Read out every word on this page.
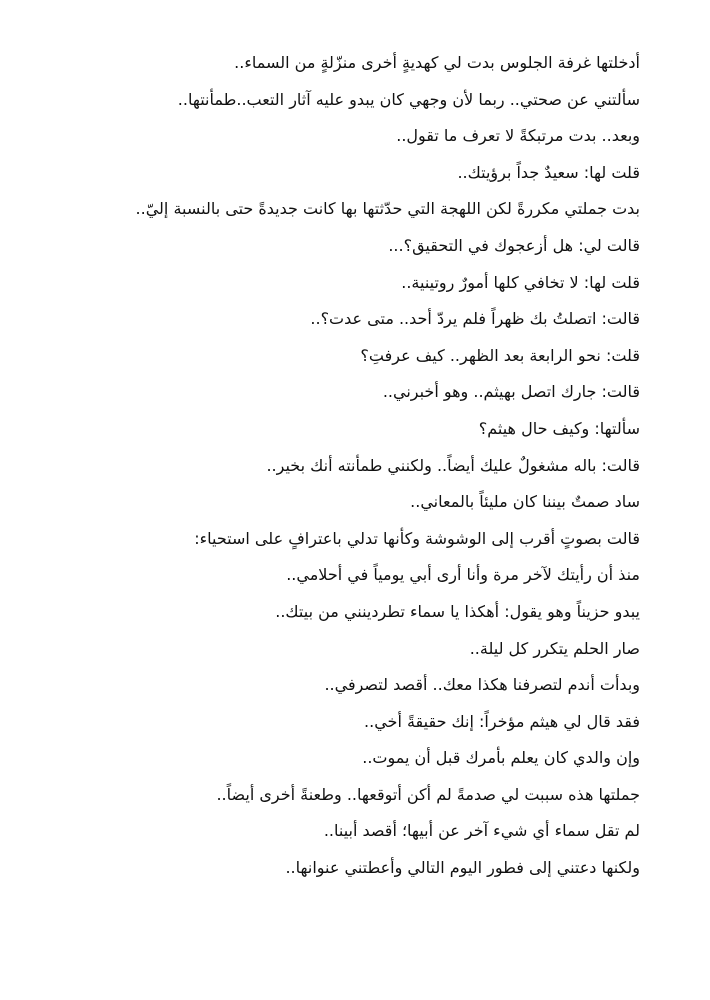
أدخلتها غرفة الجلوس بدت لي كهديةٍ أخرى منزّلةٍ من السماء..
سألتني عن صحتي.. ربما لأن وجهي كان يبدو عليه آثار التعب..طمأنتها..
وبعد.. بدت مرتبكةً لا تعرف ما تقول..
قلت لها: سعيدٌ جداً برؤيتك..
بدت جملتي مكررةً لكن اللهجة التي حدّثتها بها كانت جديدةً حتى بالنسبة إليّ..
قالت لي: هل أزعجوك في التحقيق؟...
قلت لها: لا تخافي كلها أمورٌ روتينية..
قالت: اتصلتُ بك ظهراً فلم يردّ أحد.. متى عدت؟..
قلت: نحو الرابعة بعد الظهر.. كيف عرفتِ؟
قالت: جارك اتصل بهيثم.. وهو أخبرني..
سألتها: وكيف حال هيثم؟
قالت: باله مشغولٌ عليك أيضاً.. ولكنني طمأنته أنك بخير..
ساد صمتٌ بيننا كان مليئاً بالمعاني..
قالت بصوتٍ أقرب إلى الوشوشة وكأنها تدلي باعترافٍ على استحياء:
منذ أن رأيتك لآخر مرة وأنا أرى أبي يومياً في أحلامي..
يبدو حزيناً وهو يقول: أهكذا يا سماء تطردينني من بيتك..
صار الحلم يتكرر كل ليلة..
وبدأت أندم لتصرفنا هكذا معك.. أقصد لتصرفي..
فقد قال لي هيثم مؤخراً: إنك حقيقةً أخي..
وإن والدي كان يعلم بأمرك قبل أن يموت..
جملتها هذه سببت لي صدمةً لم أكن أتوقعها.. وطعنةً أخرى أيضاً..
لم تقل سماء أي شيء آخر عن أبيها؛ أقصد أبينا..
ولكنها دعتني إلى فطور اليوم التالي وأعطتني عنوانها..
